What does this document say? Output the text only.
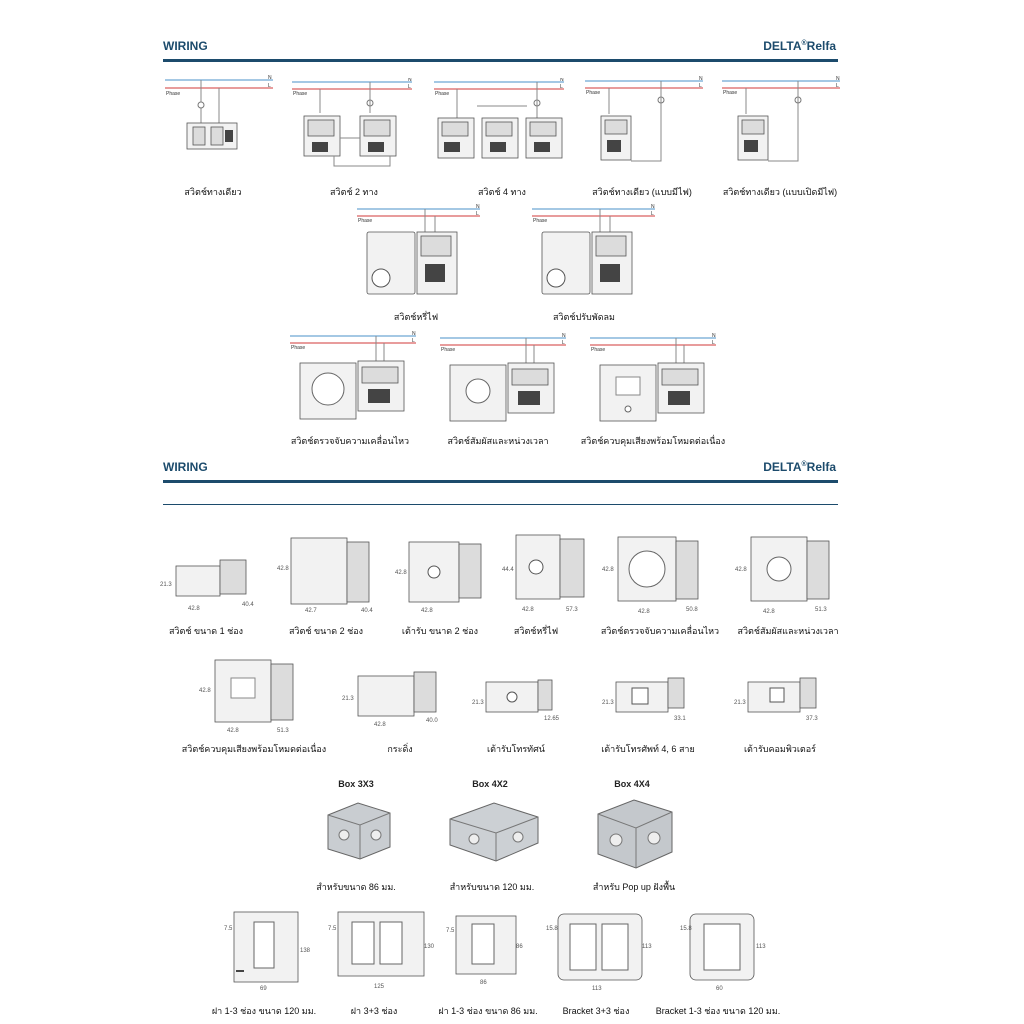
WIRING	DELTA®Relfa
N
L
Phase
สวิตช์ทางเดียว
N
L
Phase
สวิตช์ 2 ทาง
N
L
Phase
สวิตช์ 4 ทาง
N
L
Phase
สวิตช์ทางเดียว (แบบมีไฟ)
N
L
Phase
สวิตช์ทางเดียว (แบบเปิดมีไฟ)
N
L
Phase
สวิตช์หรี่ไฟ
N
L
Phase
สวิตช์ปรับพัดลม
N
L
Phase
สวิตช์ตรวจจับความเคลื่อนไหว
N
L
Phase
สวิตช์สัมผัสและหน่วงเวลา
N
L
Phase
สวิตช์ควบคุมเสียงพร้อมโหมดต่อเนื่อง
WIRING	DELTA®Relfa
21.3
42.8
40.4
สวิตช์ ขนาด 1 ช่อง
42.8
42.7	40.4
สวิตช์ ขนาด 2 ช่อง
42.8
42.8
เต้ารับ ขนาด 2 ช่อง
44.4
42.8	57.3
สวิตช์หรี่ไฟ
42.8
42.8	50.8
สวิตช์ตรวจจับความเคลื่อนไหว
42.8
42.8	51.3
สวิตช์สัมผัสและหน่วงเวลา
42.8
42.8	51.3
สวิตช์ควบคุมเสียงพร้อมโหมดต่อเนื่อง
21.3
42.8
40.0
กระดิ่ง
21.3
12.65
เต้ารับโทรทัศน์
21.3
33.1
เต้ารับโทรศัพท์ 4, 6 สาย
21.3
37.3
เต้ารับคอมพิวเตอร์
Box 3X3
สำหรับขนาด 86 มม.
Box 4X2
สำหรับขนาด 120 มม.
Box 4X4
สำหรับ Pop up ฝังพื้น
7.5
138
69
ฝา 1-3 ช่อง ขนาด 120 มม.
7.5
130
125
ฝา 3+3 ช่อง
7.5
86
86
ฝา 1-3 ช่อง ขนาด 86 มม.
15.8
113
113
Bracket 3+3 ช่อง
15.8
113
60
Bracket 1-3 ช่อง ขนาด 120 มม.
